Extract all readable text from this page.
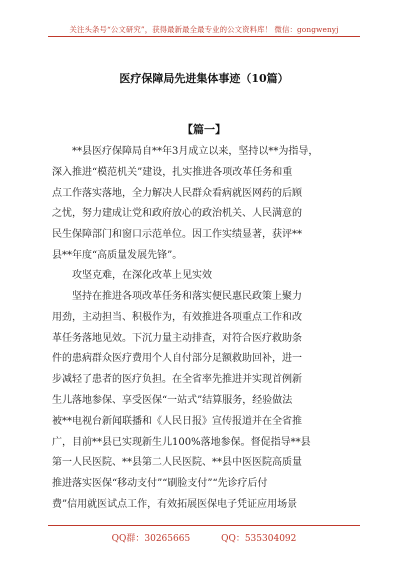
关注头条号“公文研究”，获得最新最全最专业的公文资料库！ 微信：gongwenyj
医疗保障局先进集体事迹（10篇）
【篇一】
**县医疗保障局自**年3月成立以来，坚持以**为指导，
深入推进“模范机关”建设，扎实推进各项改革任务和重
点工作落实落地，全力解决人民群众看病就医网药的后顾
之忧，努力建成让党和政府放心的政治机关、人民满意的
民生保障部门和窗口示范单位。因工作实绩显著，获评**
县**年度“高质量发展先锋”。
攻坚克难，在深化改革上见实效
坚持在推进各项改革任务和落实便民惠民政策上聚力
用劲，主动担当、积极作为，有效推进各项重点工作和改
革任务落地见效。下沉力量主动排查，对符合医疗救助条
件的患病群众医疗费用个人自付部分足额救助回补，进一
步减轻了患者的医疗负担。在全省率先推进并实现首例新
生儿落地参保、享受医保“一站式”结算服务，经验做法
被**电视台新闻联播和《人民日报》宣传报道并在全省推
广，目前**县已实现新生儿100%落地参保。督促指导**县
第一人民医院、**县第二人民医院、**县中医医院高质量
推进落实医保“移动支付”“刷脸支付”“先诊疗后付
费”信用就医试点工作，有效拓展医保电子凭证应用场景
QQ群：30265665	QQ：535304092
